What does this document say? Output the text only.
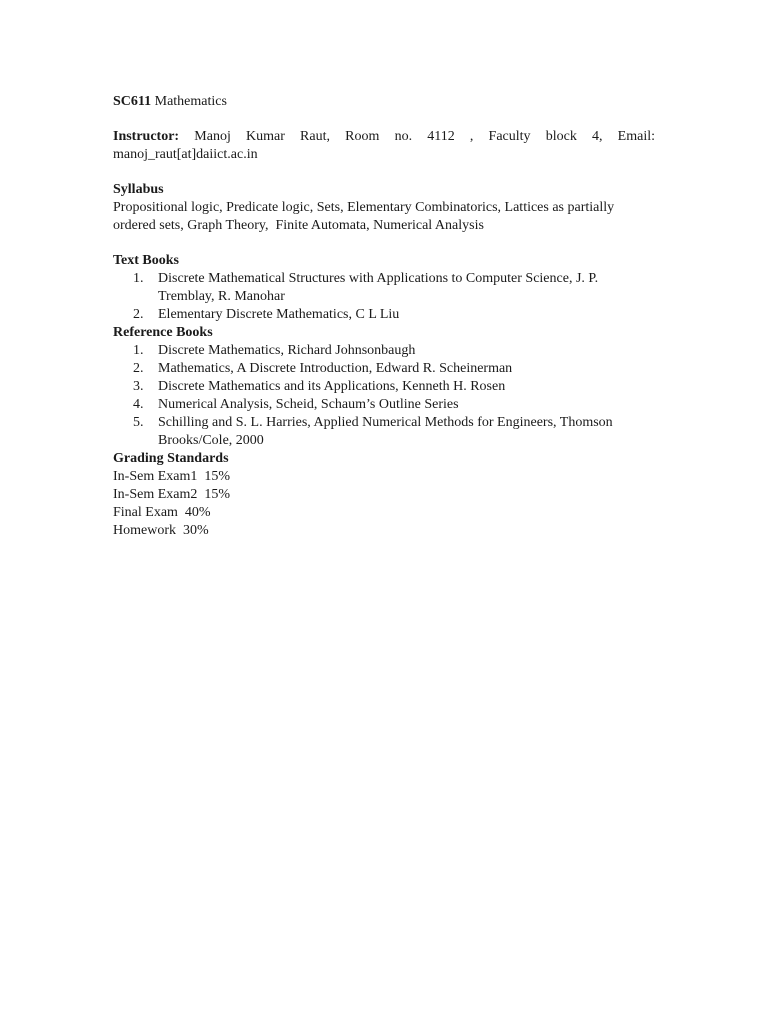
SC611 Mathematics

Instructor: Manoj Kumar Raut, Room no. 4112 , Faculty block 4, Email: manoj_raut[at]daiict.ac.in

Syllabus

Propositional logic, Predicate logic, Sets, Elementary Combinatorics, Lattices as partially ordered sets, Graph Theory,  Finite Automata, Numerical Analysis

Text Books

1. Discrete Mathematical Structures with Applications to Computer Science, J. P. Tremblay, R. Manohar
2. Elementary Discrete Mathematics, C L Liu

Reference Books

1. Discrete Mathematics, Richard Johnsonbaugh
2. Mathematics, A Discrete Introduction, Edward R. Scheinerman
3. Discrete Mathematics and its Applications, Kenneth H. Rosen
4. Numerical Analysis, Scheid, Schaum’s Outline Series
5. Schilling and S. L. Harries, Applied Numerical Methods for Engineers, Thomson Brooks/Cole, 2000

Grading Standards

In-Sem Exam1  15%
In-Sem Exam2  15%
Final Exam  40%
Homework  30%
